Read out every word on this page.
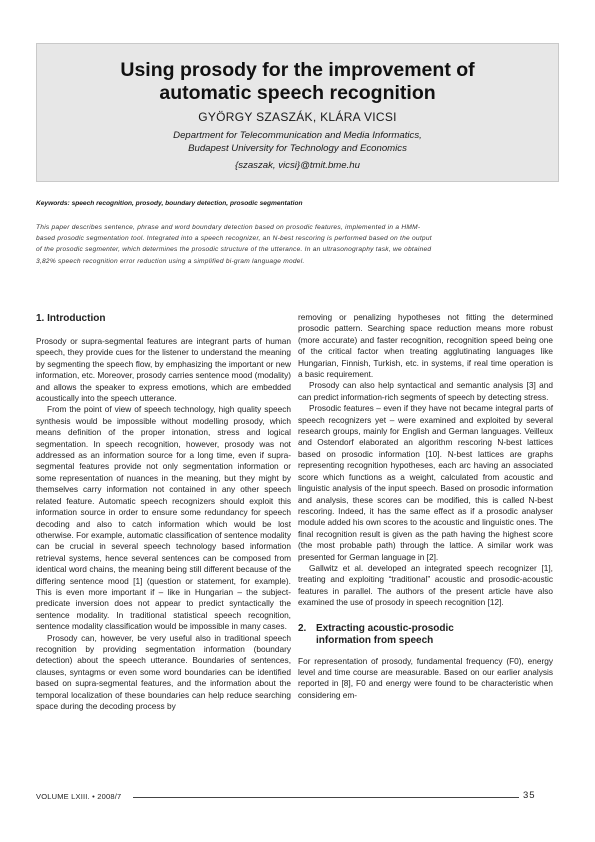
Using prosody for the improvement of
automatic speech recognition
GYÖRGY SZASZÁK, KLÁRA VICSI
Department for Telecommunication and Media Informatics,
Budapest University for Technology and Economics
{szaszak, vicsi}@tmit.bme.hu
Keywords: speech recognition, prosody, boundary detection, prosodic segmentation
This paper describes sentence, phrase and word boundary detection based on prosodic features, implemented in a HMM-
based prosodic segmentation tool. Integrated into a speech recognizer, an N-best rescoring is performed based on the output
of the prosodic segmenter, which determines the prosodic structure of the utterance. In an ultrasonography task, we obtained
3,82% speech recognition error reduction using a simplified bi-gram language model.
1. Introduction

Prosody or supra-segmental features are integrant parts of human speech, they provide cues for the listener to understand the meaning by segmenting the speech flow, by emphasizing the important or new information, etc. Moreover, prosody carries sentence mood (modality) and allows the speaker to express emotions, which are embedded acoustically into the speech utterance.

From the point of view of speech technology, high quality speech synthesis would be impossible without modelling prosody, which means definition of the proper intonation, stress and logical segmentation. In speech recognition, however, prosody was not addressed as an information source for a long time, even if supra-segmental features provide not only segmentation information or some representation of nuances in the meaning, but they might by themselves carry information not contained in any other speech related feature. Automatic speech recognizers should exploit this information source in order to ensure some redundancy for speech decoding and also to catch information which would be lost otherwise. For example, automatic classification of sentence modality can be crucial in several speech technology based information retrieval systems, hence several sentences can be composed from identical word chains, the meaning being still different because of the differing sentence mood [1] (question or statement, for example). This is even more important if – like in Hungarian – the subject-predicate inversion does not appear to predict syntactically the sentence modality. In traditional statistical speech recognition, sentence modality classification would be impossible in many cases.

Prosody can, however, be very useful also in traditional speech recognition by providing segmentation information (boundary detection) about the speech utterance. Boundaries of sentences, clauses, syntagms or even some word boundaries can be identified based on supra-segmental features, and the information about the temporal localization of these boundaries can help reduce searching space during the decoding process by

removing or penalizing hypotheses not fitting the determined prosodic pattern. Searching space reduction means more robust (more accurate) and faster recognition, recognition speed being one of the critical factor when treating agglutinating languages like Hungarian, Finnish, Turkish, etc. in systems, if real time operation is a basic requirement.

Prosody can also help syntactical and semantic analysis [3] and can predict information-rich segments of speech by detecting stress.

Prosodic features – even if they have not became integral parts of speech recognizers yet – were examined and exploited by several research groups, mainly for English and German languages. Veilleux and Ostendorf elaborated an algorithm rescoring N-best lattices based on prosodic information [10]. N-best lattices are graphs representing recognition hypotheses, each arc having an associated score which functions as a weight, calculated from acoustic and linguistic analysis of the input speech. Based on prosodic information and analysis, these scores can be modified, this is called N-best rescoring. Indeed, it has the same effect as if a prosodic analyser module added his own scores to the acoustic and linguistic ones. The final recognition result is given as the path having the highest score (the most probable path) through the lattice. A similar work was presented for German language in [2].

Gallwitz et al. developed an integrated speech recognizer [1], treating and exploiting “traditional” acoustic and prosodic-acoustic features in parallel. The authors of the present article have also examined the use of prosody in speech recognition [12].

2. Extracting acoustic-prosodic
information from speech

For representation of prosody, fundamental frequency (F0), energy level and time course are measurable. Based on our earlier analysis reported in [8], F0 and energy were found to be characteristic when considering em-

VOLUME LXIII. • 2008/7	35
